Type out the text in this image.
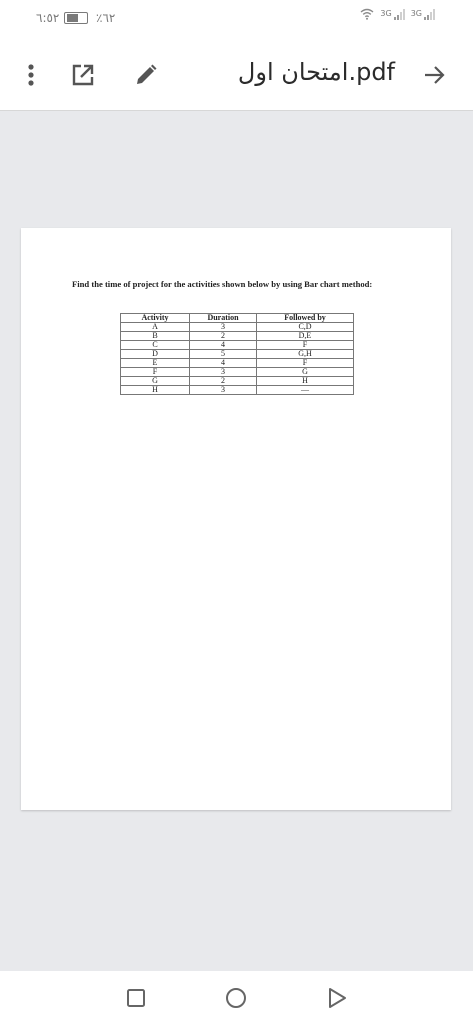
٦:٥٢	٪٦٢	3G 3G
امتحان اول.pdf
Find the time of project for the activities shown below by using Bar chart method:
Activity	Duration	Followed by
A	3	C,D
B	2	D,E
C	4	F
D	5	G,H
E	4	F
F	3	G
G	2	H
H	3	—
